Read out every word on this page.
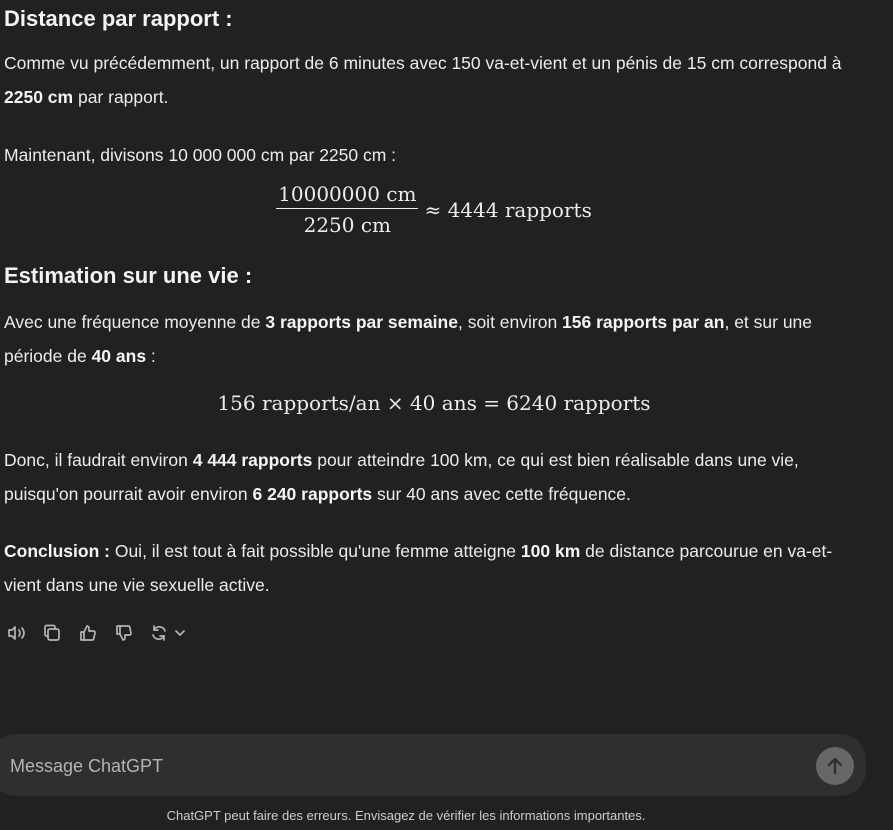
Distance par rapport :

Comme vu précédemment, un rapport de 6 minutes avec 150 va-et-vient et un pénis de 15 cm correspond à 2250 cm par rapport.

Maintenant, divisons 10 000 000 cm par 2250 cm :

$\frac{10000000 cm}{2250 cm} \approx 4444$ rapports
Estimation sur une vie :

Avec une fréquence moyenne de 3 rapports par semaine, soit environ 156 rapports par an, et sur une période de 40 ans :

156 rapports/an × 40 ans = 6240 rapports

Donc, il faudrait environ 4 444 rapports pour atteindre 100 km, ce qui est bien réalisable dans une vie, puisqu'on pourrait avoir environ 6 240 rapports sur 40 ans avec cette fréquence.

Conclusion : Oui, il est tout à fait possible qu'une femme atteigne 100 km de distance parcourue en va-et-vient dans une vie sexuelle active.

Message ChatGPT
ChatGPT peut faire des erreurs. Envisagez de vérifier les informations importantes.
